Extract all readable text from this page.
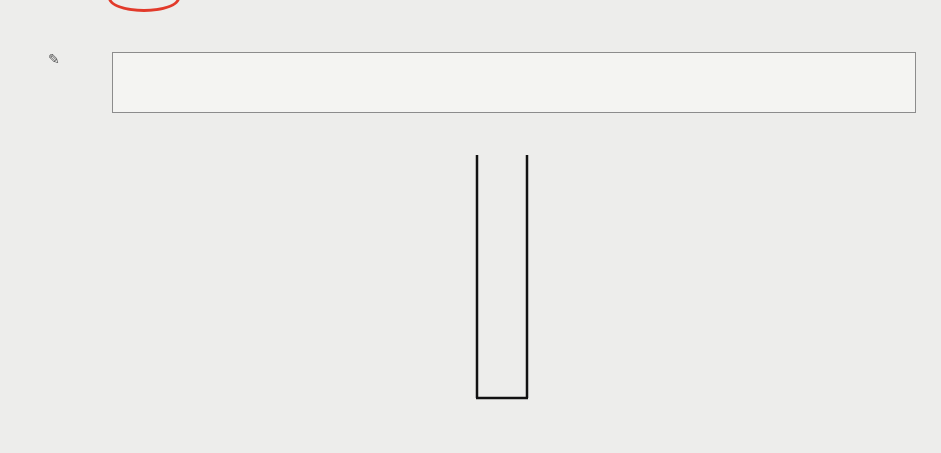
✎
